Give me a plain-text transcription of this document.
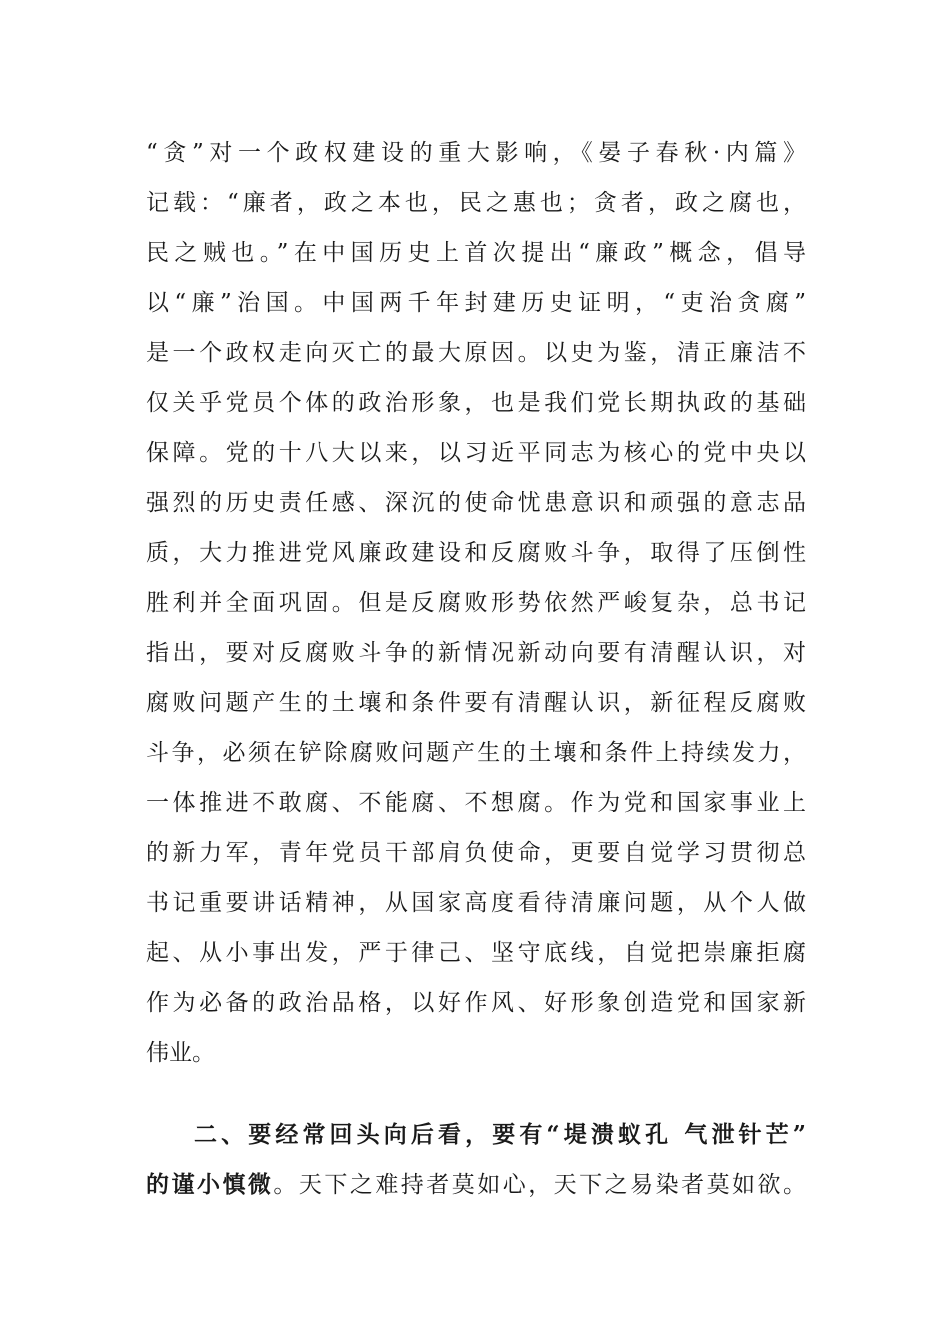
“贪”对一个政权建设的重大影响，《晏子春秋·内篇》
记载：“廉者，政之本也，民之惠也；贪者，政之腐也，
民之贼也。”在中国历史上首次提出“廉政”概念，倡导
以“廉”治国。中国两千年封建历史证明，“吏治贪腐”
是一个政权走向灭亡的最大原因。以史为鉴，清正廉洁不
仅关乎党员个体的政治形象，也是我们党长期执政的基础
保障。党的十八大以来，以习近平同志为核心的党中央以
强烈的历史责任感、深沉的使命忧患意识和顽强的意志品
质，大力推进党风廉政建设和反腐败斗争，取得了压倒性
胜利并全面巩固。但是反腐败形势依然严峻复杂，总书记
指出，要对反腐败斗争的新情况新动向要有清醒认识，对
腐败问题产生的土壤和条件要有清醒认识，新征程反腐败
斗争，必须在铲除腐败问题产生的土壤和条件上持续发力，
一体推进不敢腐、不能腐、不想腐。作为党和国家事业上
的新力军，青年党员干部肩负使命，更要自觉学习贯彻总
书记重要讲话精神，从国家高度看待清廉问题，从个人做
起、从小事出发，严于律己、坚守底线，自觉把崇廉拒腐
作为必备的政治品格，以好作风、好形象创造党和国家新
伟业。
二、要经常回头向后看，要有“堤溃蚁孔 气泄针芒”
的谨小慎微。天下之难持者莫如心，天下之易染者莫如欲。
